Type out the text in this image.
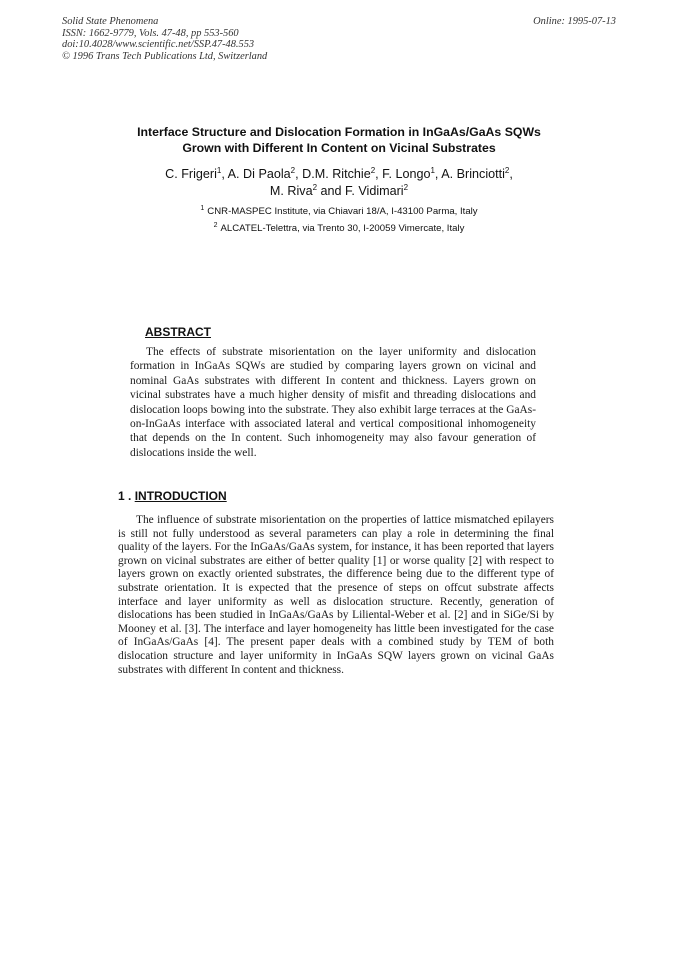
Solid State Phenomena
ISSN: 1662-9779, Vols. 47-48, pp 553-560
doi:10.4028/www.scientific.net/SSP.47-48.553
© 1996 Trans Tech Publications Ltd, Switzerland
Online: 1995-07-13
Interface Structure and Dislocation Formation in InGaAs/GaAs SQWs
Grown with Different In Content on Vicinal Substrates
C. Frigeri$^1$, A. Di Paola$^2$, D.M. Ritchie$^2$, F. Longo$^1$, A. Brinciotti$^2$,
M. Riva$^2$ and F. Vidimari$^2$
$^1$ CNR-MASPEC Institute, via Chiavari 18/A, I-43100 Parma, Italy
$^2$ ALCATEL-Telettra, via Trento 30, I-20059 Vimercate, Italy
ABSTRACT
The effects of substrate misorientation on the layer uniformity and dislocation formation in InGaAs SQWs are studied by comparing layers grown on vicinal and nominal GaAs substrates with different In content and thickness. Layers grown on vicinal substrates have a much higher density of misfit and threading dislocations and dislocation loops bowing into the substrate. They also exhibit large terraces at the GaAs-on-InGaAs interface with associated lateral and vertical compositional inhomogeneity that depends on the In content. Such inhomogeneity may also favour generation of dislocations inside the well.
1 . INTRODUCTION
The influence of substrate misorientation on the properties of lattice mismatched epilayers is still not fully understood as several parameters can play a role in determining the final quality of the layers. For the InGaAs/GaAs system, for instance, it has been reported that layers grown on vicinal substrates are either of better quality [1] or worse quality [2] with respect to layers grown on exactly oriented substrates, the difference being due to the different type of substrate orientation. It is expected that the presence of steps on offcut substrate affects interface and layer uniformity as well as dislocation structure. Recently, generation of dislocations has been studied in InGaAs/GaAs by Liliental-Weber et al. [2] and in SiGe/Si by Mooney et al. [3]. The interface and layer homogeneity has little been investigated for the case of InGaAs/GaAs [4]. The present paper deals with a combined study by TEM of both dislocation structure and layer uniformity in InGaAs SQW layers grown on vicinal GaAs substrates with different In content and thickness.
